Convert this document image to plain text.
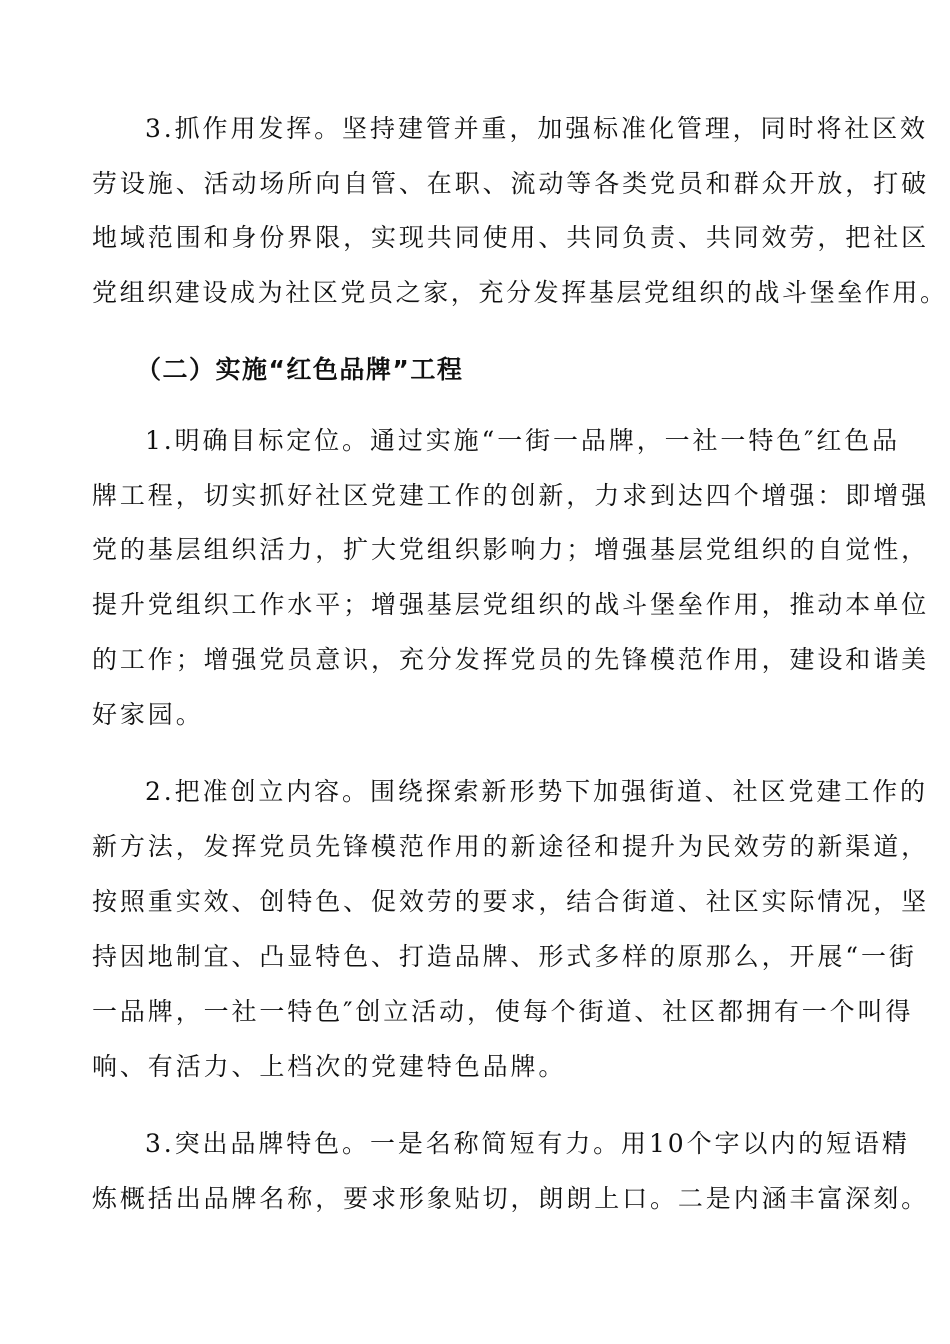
3.抓作用发挥。坚持建管并重，加强标准化管理，同时将社区效
劳设施、活动场所向自管、在职、流动等各类党员和群众开放，打破
地域范围和身份界限，实现共同使用、共同负责、共同效劳，把社区
党组织建设成为社区党员之家，充分发挥基层党组织的战斗堡垒作用。
（二）实施“红色品牌”工程
1.明确目标定位。通过实施“一街一品牌，一社一特色″红色品
牌工程，切实抓好社区党建工作的创新，力求到达四个增强：即增强
党的基层组织活力，扩大党组织影响力；增强基层党组织的自觉性，
提升党组织工作水平；增强基层党组织的战斗堡垒作用，推动本单位
的工作；增强党员意识，充分发挥党员的先锋模范作用，建设和谐美
好家园。
2.把准创立内容。围绕探索新形势下加强街道、社区党建工作的
新方法，发挥党员先锋模范作用的新途径和提升为民效劳的新渠道，
按照重实效、创特色、促效劳的要求，结合街道、社区实际情况，坚
持因地制宜、凸显特色、打造品牌、形式多样的原那么，开展“一街
一品牌，一社一特色″创立活动，使每个街道、社区都拥有一个叫得
响、有活力、上档次的党建特色品牌。
3.突出品牌特色。一是名称简短有力。用10个字以内的短语精
炼概括出品牌名称，要求形象贴切，朗朗上口。二是内涵丰富深刻。
